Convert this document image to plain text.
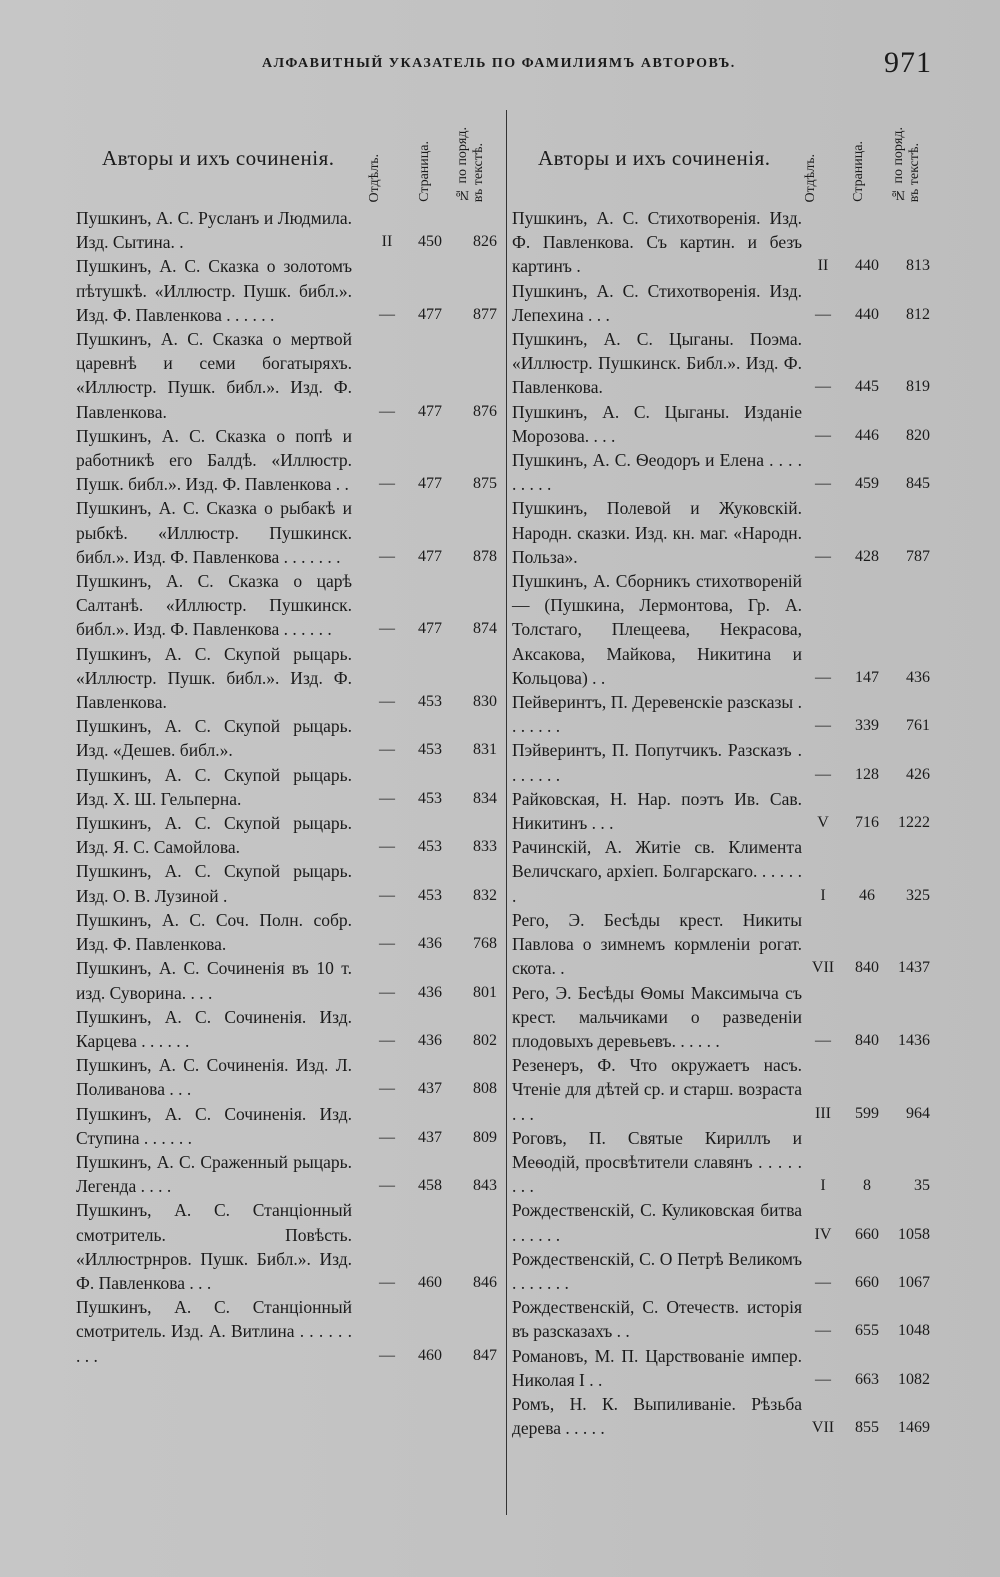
АЛФАВИТНЫЙ УКАЗАТЕЛЬ ПО ФАМИЛИЯМЪ АВТОРОВЪ.	971
Авторы и ихъ сочиненія. Отдѣлъ.	Страница. № по поряд. въ текстѣ.
Пушкинъ, А. С. Русланъ и Людмила. Изд. Сытина. .	II	450	826
Пушкинъ, А. С. Сказка о золотомъ пѣтушкѣ. «Иллюстр. Пушк. библ.». Изд. Ф. Павленкова . . . . . .	—	477	877
Пушкинъ, А. С. Сказка о мертвой царевнѣ и семи богатыряхъ. «Иллюстр. Пушк. библ.». Изд. Ф. Павленкова.	—	477	876
Пушкинъ, А. С. Сказка о попѣ и работникѣ его Балдѣ. «Иллюстр. Пушк. библ.». Изд. Ф. Павленкова . .	—	477	875
Пушкинъ, А. С. Сказка о рыбакѣ и рыбкѣ. «Иллюстр. Пушкинск. библ.». Изд. Ф. Павленкова . . . . . . .	—	477	878
Пушкинъ, А. С. Сказка о царѣ Салтанѣ. «Иллюстр. Пушкинск. библ.». Изд. Ф. Павленкова . . . . . .	—	477	874
Пушкинъ, А. С. Скупой рыцарь. «Иллюстр. Пушк. библ.». Изд. Ф. Павленкова.	—	453	830
Пушкинъ, А. С. Скупой рыцарь. Изд. «Дешев. библ.».	—	453	831
Пушкинъ, А. С. Скупой рыцарь. Изд. Х. Ш. Гельперна.	—	453	834
Пушкинъ, А. С. Скупой рыцарь. Изд. Я. С. Самойлова.	—	453	833
Пушкинъ, А. С. Скупой рыцарь. Изд. О. В. Лузиной .	—	453	832
Пушкинъ, А. С. Соч. Полн. собр. Изд. Ф. Павленкова.	—	436	768
Пушкинъ, А. С. Сочиненія въ 10 т. изд. Суворина. . . .	—	436	801
Пушкинъ, А. С. Сочиненія. Изд. Карцева . . . . . .	—	436	802
Пушкинъ, А. С. Сочиненія. Изд. Л. Поливанова . . .	—	437	808
Пушкинъ, А. С. Сочиненія. Изд. Ступина . . . . . .	—	437	809
Пушкинъ, А. С. Сраженный рыцарь. Легенда . . . .	—	458	843
Пушкинъ, А. С. Станціонный смотритель. Повѣсть. «Иллюстрнров. Пушк. Библ.». Изд. Ф. Павленкова . . .	—	460	846
Пушкинъ, А. С. Станціонный смотритель. Изд. А. Витлина . . . . . . . . .	—	460	847
Авторы и ихъ сочиненія. Отдѣлъ. Страница. № по поряд. въ текстѣ.
Пушкинъ, А. С. Стихотворенія. Изд. Ф. Павленкова. Съ картин. и безъ картинъ .	II	440	813
Пушкинъ, А. С. Стихотворенія. Изд. Лепехина . . .	—	440	812
Пушкинъ, А. С. Цыганы. Поэма. «Иллюстр. Пушкинск. Библ.». Изд. Ф. Павленкова.	—	445	819
Пушкинъ, А. С. Цыганы. Изданіе Морозова. . . .	—	446	820
Пушкинъ, А. С. Ѳеодоръ и Елена . . . . . . . . .	—	459	845
Пушкинъ, Полевой и Жуковскій. Народн. сказки. Изд. кн. маг. «Народн. Польза».	—	428	787
Пушкинъ, А. Сборникъ стихотвореній — (Пушкина, Лермонтова, Гр. А. Толстаго, Плещеева, Некрасова, Аксакова, Майкова, Никитина и Кольцова) . .	—	147	436
Пейверинтъ, П. Деревенскіе разсказы . . . . . . .	—	339	761
Пэйверинтъ, П. Попутчикъ. Разсказъ . . . . . . .	—	128	426
Райковская, Н. Нар. поэтъ Ив. Сав. Никитинъ . . .	V	716	1222
Рачинскій, А. Житіе св. Климента Величскаго, архіеп. Болгарскаго. . . . . . .	I	46	325
Рего, Э. Бесѣды крест. Никиты Павлова о зимнемъ кормленіи рогат. скота. .	VII	840	1437
Рего, Э. Бесѣды Ѳомы Максимыча съ крест. мальчиками о разведеніи плодовыхъ деревьевъ. . . . . .	—	840	1436
Резенеръ, Ф. Что окружаетъ насъ. Чтеніе для дѣтей ср. и старш. возраста . . .	III	599	964
Роговъ, П. Святые Кириллъ и Меѳодій, просвѣтители славянъ . . . . . . . .	I	8	35
Рождественскій, С. Куликовская битва . . . . . .	IV	660	1058
Рождественскій, С. О Петрѣ Великомъ . . . . . . .	—	660	1067
Рождественскій, С. Отечеств. исторія въ разсказахъ . .	—	655	1048
Романовъ, М. П. Царствованіе импер. Николая I . .	—	663	1082
Ромъ, Н. К. Выпиливаніе. Рѣзьба дерева . . . . .	VII	855	1469
